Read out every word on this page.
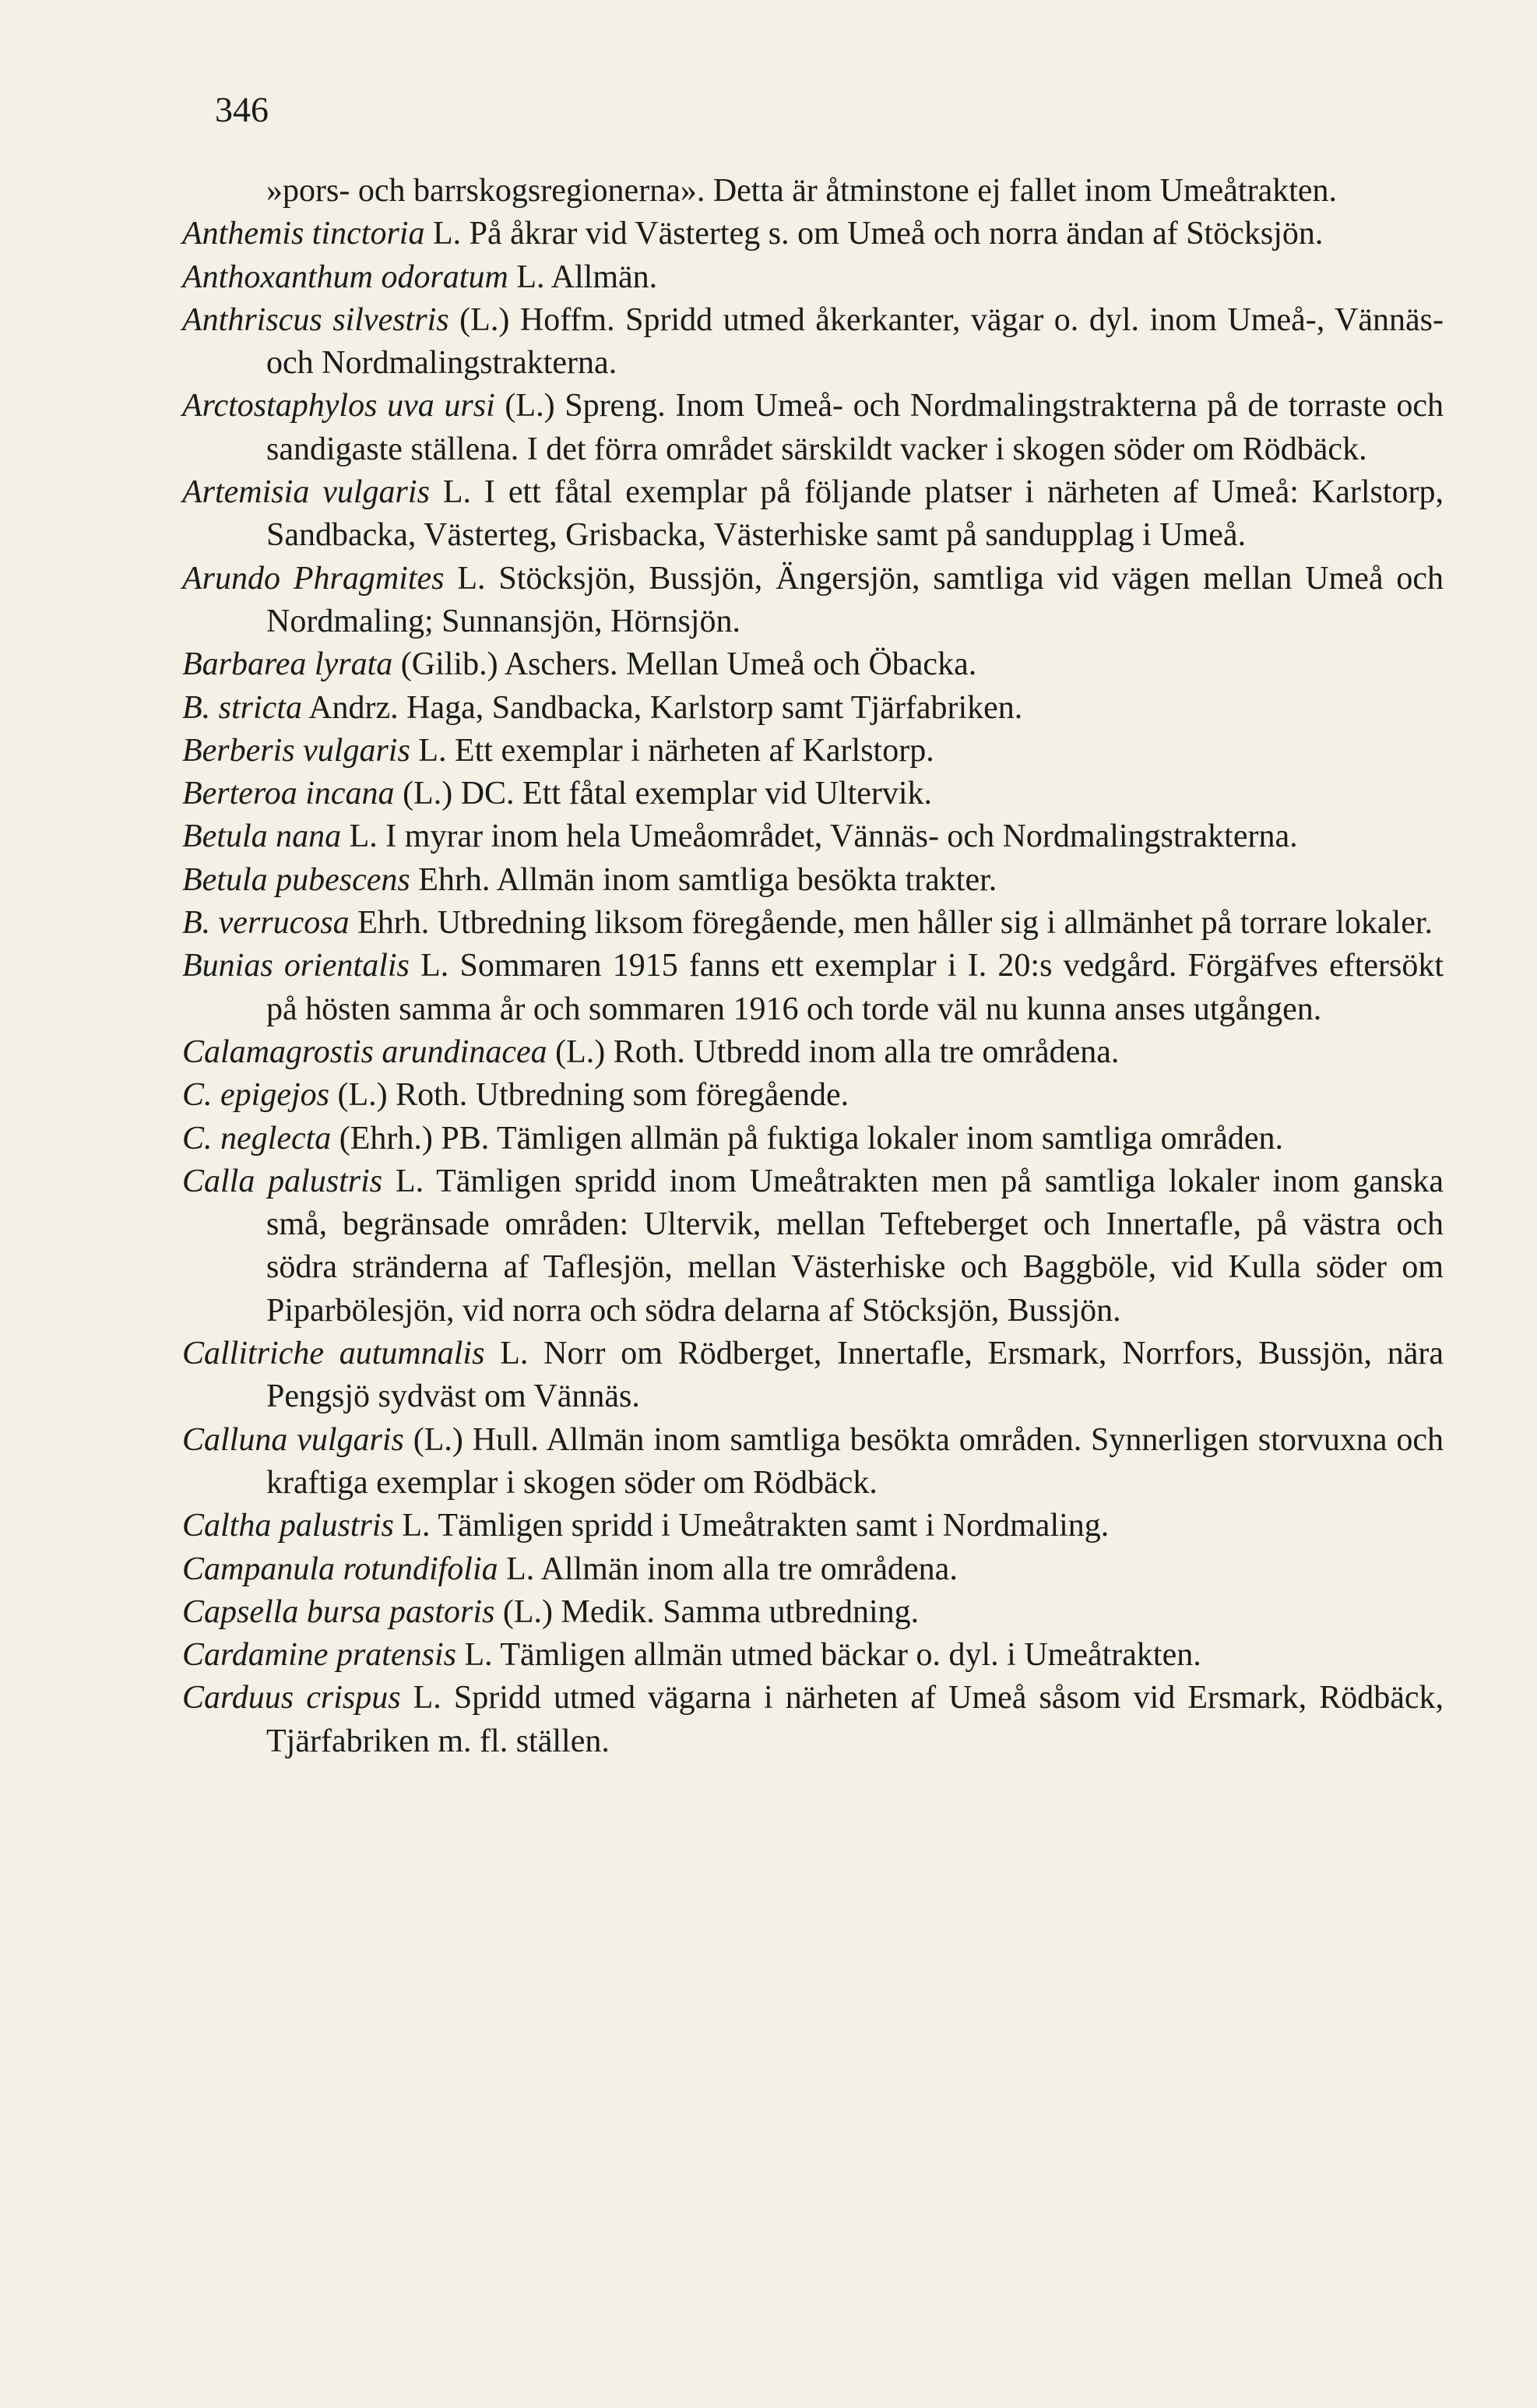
346

»pors- och barrskogsregionerna». Detta är åtminstone ej fallet inom Umeåtrakten.

Anthemis tinctoria L. På åkrar vid Västerteg s. om Umeå och norra ändan af Stöcksjön.

Anthoxanthum odoratum L. Allmän.

Anthriscus silvestris (L.) Hoffm. Spridd utmed åkerkanter, vägar o. dyl. inom Umeå-, Vännäs- och Nordmalingstrakterna.

Arctostaphylos uva ursi (L.) Spreng. Inom Umeå- och Nordmalingstrakterna på de torraste och sandigaste ställena. I det förra området särskildt vacker i skogen söder om Rödbäck.

Artemisia vulgaris L. I ett fåtal exemplar på följande platser i närheten af Umeå: Karlstorp, Sandbacka, Västerteg, Grisbacka, Västerhiske samt på sandupplag i Umeå.

Arundo Phragmites L. Stöcksjön, Bussjön, Ängersjön, samtliga vid vägen mellan Umeå och Nordmaling; Sunnansjön, Hörnsjön.

Barbarea lyrata (Gilib.) Aschers. Mellan Umeå och Öbacka.

B. stricta Andrz. Haga, Sandbacka, Karlstorp samt Tjärfabriken.

Berberis vulgaris L. Ett exemplar i närheten af Karlstorp.

Berteroa incana (L.) DC. Ett fåtal exemplar vid Ultervik.

Betula nana L. I myrar inom hela Umeåområdet, Vännäs- och Nordmalingstrakterna.

Betula pubescens Ehrh. Allmän inom samtliga besökta trakter.

B. verrucosa Ehrh. Utbredning liksom föregående, men håller sig i allmänhet på torrare lokaler.

Bunias orientalis L. Sommaren 1915 fanns ett exemplar i I. 20:s vedgård. Förgäfves eftersökt på hösten samma år och sommaren 1916 och torde väl nu kunna anses utgången.

Calamagrostis arundinacea (L.) Roth. Utbredd inom alla tre områdena.

C. epigejos (L.) Roth. Utbredning som föregående.

C. neglecta (Ehrh.) PB. Tämligen allmän på fuktiga lokaler inom samtliga områden.

Calla palustris L. Tämligen spridd inom Umeåtrakten men på samtliga lokaler inom ganska små, begränsade områden: Ultervik, mellan Tefteberget och Innertafle, på västra och södra stränderna af Taflesjön, mellan Västerhiske och Baggböle, vid Kulla söder om Piparbölesjön, vid norra och södra delarna af Stöcksjön, Bussjön.

Callitriche autumnalis L. Norr om Rödberget, Innertafle, Ersmark, Norrfors, Bussjön, nära Pengsjö sydväst om Vännäs.

Calluna vulgaris (L.) Hull. Allmän inom samtliga besökta områden. Synnerligen storvuxna och kraftiga exemplar i skogen söder om Rödbäck.

Caltha palustris L. Tämligen spridd i Umeåtrakten samt i Nordmaling.

Campanula rotundifolia L. Allmän inom alla tre områdena.

Capsella bursa pastoris (L.) Medik. Samma utbredning.

Cardamine pratensis L. Tämligen allmän utmed bäckar o. dyl. i Umeåtrakten.

Carduus crispus L. Spridd utmed vägarna i närheten af Umeå såsom vid Ersmark, Rödbäck, Tjärfabriken m. fl. ställen.
